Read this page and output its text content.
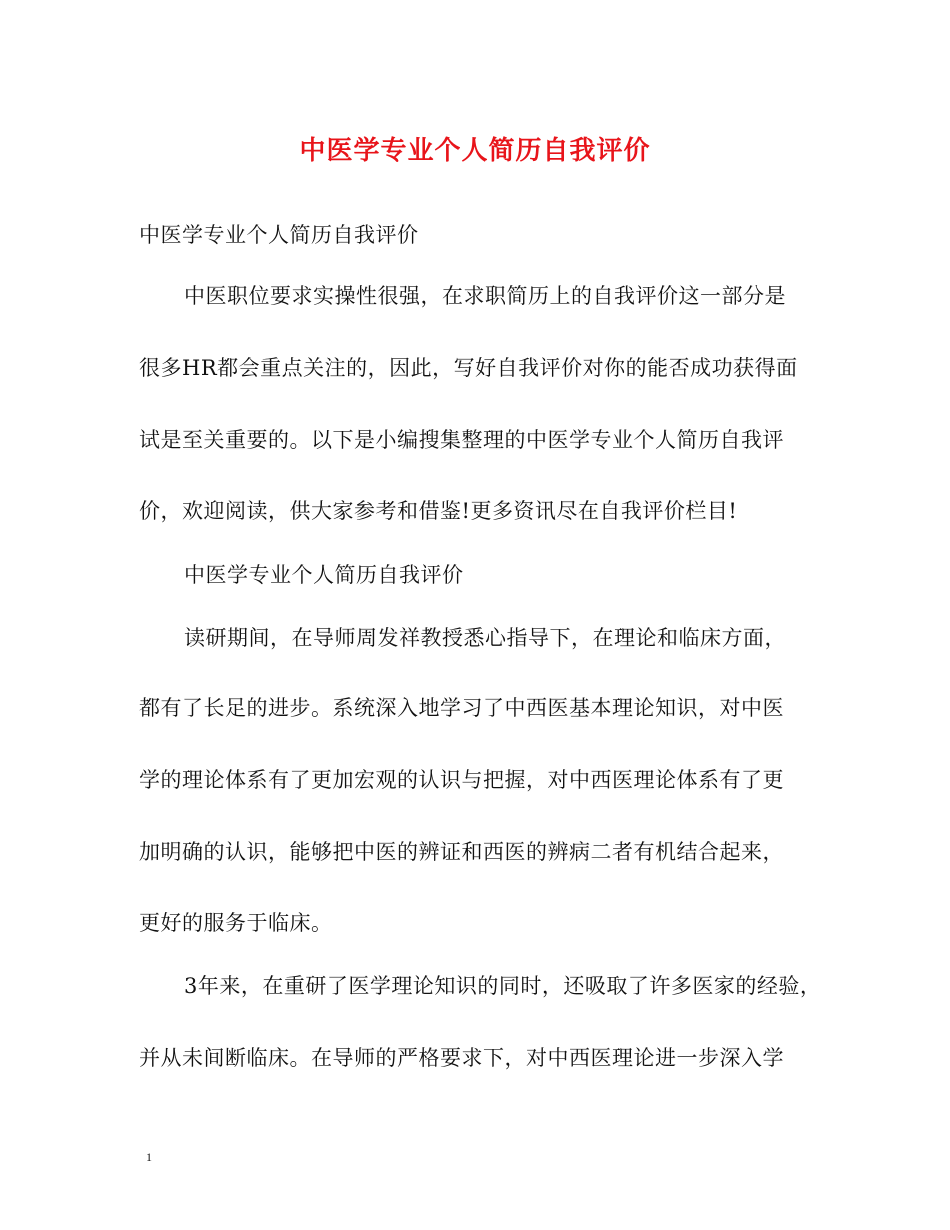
中医学专业个人简历自我评价
中医学专业个人简历自我评价
中医职位要求实操性很强，在求职简历上的自我评价这一部分是
很多HR都会重点关注的，因此，写好自我评价对你的能否成功获得面
试是至关重要的。以下是小编搜集整理的中医学专业个人简历自我评
价，欢迎阅读，供大家参考和借鉴!更多资讯尽在自我评价栏目!
中医学专业个人简历自我评价
读研期间，在导师周发祥教授悉心指导下，在理论和临床方面，
都有了长足的进步。系统深入地学习了中西医基本理论知识，对中医
学的理论体系有了更加宏观的认识与把握，对中西医理论体系有了更
加明确的认识，能够把中医的辨证和西医的辨病二者有机结合起来，
更好的服务于临床。
3年来，在重研了医学理论知识的同时，还吸取了许多医家的经验，
并从未间断临床。在导师的严格要求下，对中西医理论进一步深入学
1
